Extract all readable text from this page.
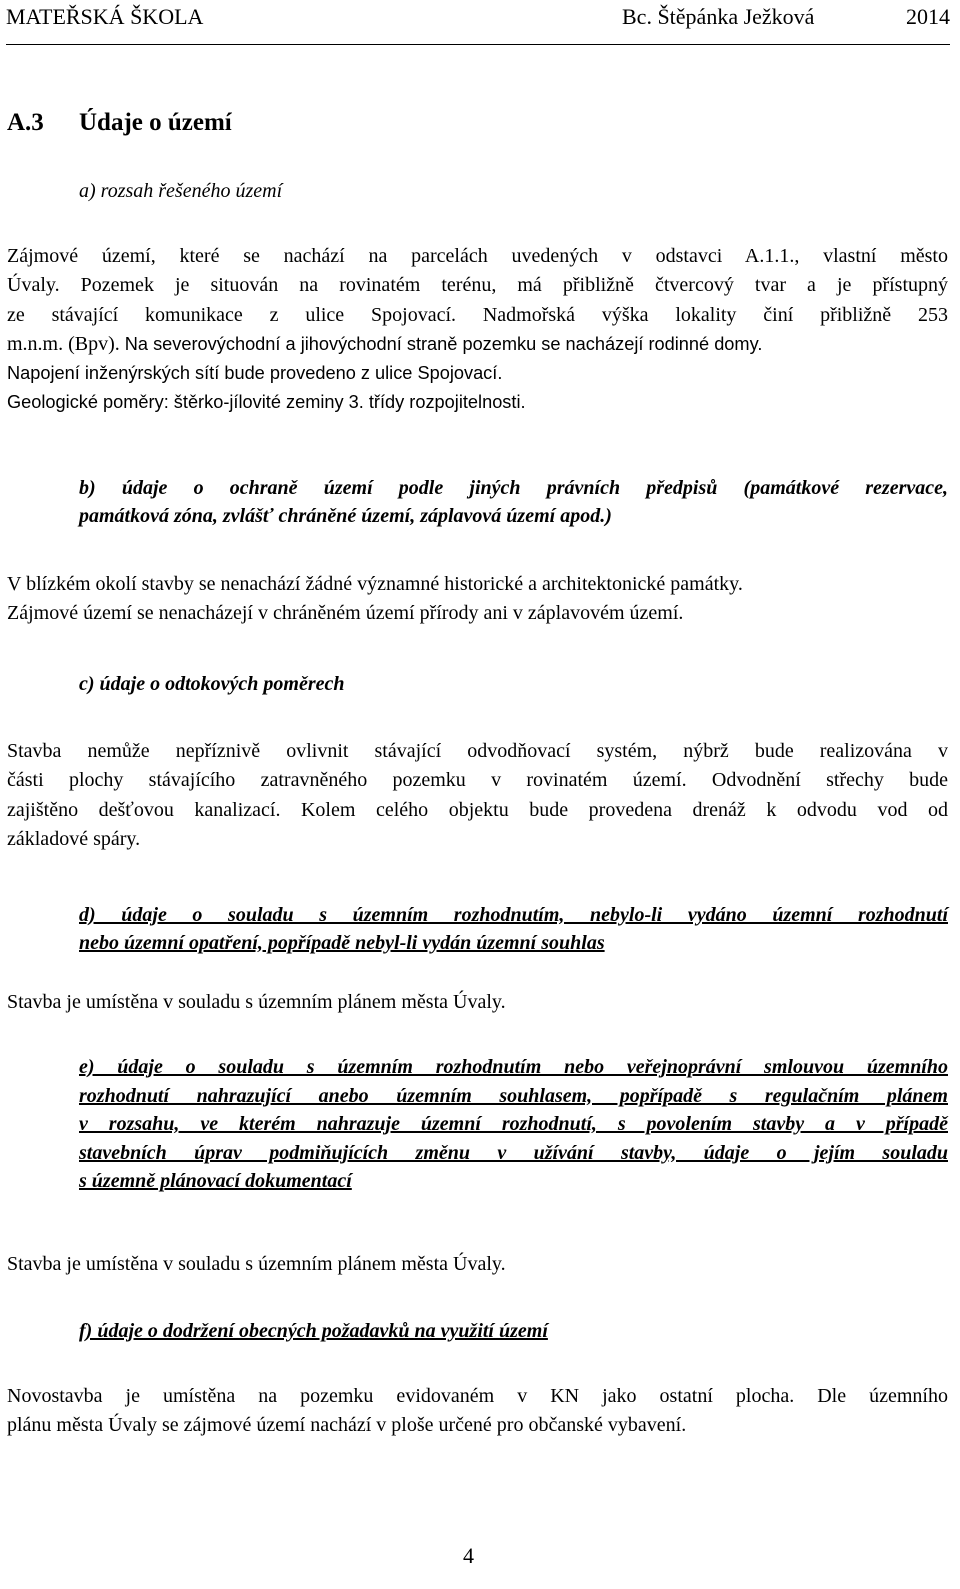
MATEŘSKÁ ŠKOLA	Bc. Štěpánka Ježková	2014
A.3 Údaje o území
a) rozsah řešeného území
Zájmové území, které se nachází na parcelách uvedených v odstavci A.1.1., vlastní město
Úvaly. Pozemek je situován na rovinatém terénu, má přibližně čtvercový tvar a je přístupný
ze stávající komunikace z ulice Spojovací. Nadmořská výška lokality činí přibližně 253
m.n.m. (Bpv). Na severovýchodní a jihovýchodní straně pozemku se nacházejí rodinné domy.
Napojení inženýrských sítí bude provedeno z ulice Spojovací.
Geologické poměry: štěrko-jílovité zeminy 3. třídy rozpojitelnosti.
b) údaje o ochraně území podle jiných právních předpisů (památkové rezervace,
památková zóna, zvlášť chráněné území, záplavová území apod.)
V blízkém okolí stavby se nenachází žádné významné historické a architektonické památky.
Zájmové území se nenacházejí v chráněném území přírody ani v záplavovém území.
c) údaje o odtokových poměrech
Stavba nemůže nepříznivě ovlivnit stávající odvodňovací systém, nýbrž bude realizována v
části plochy stávajícího zatravněného pozemku v rovinatém území. Odvodnění střechy bude
zajištěno dešťovou kanalizací. Kolem celého objektu bude provedena drenáž k odvodu vod od
základové spáry.
d) údaje o souladu s územním rozhodnutím, nebylo-li vydáno územní rozhodnutí
nebo územní opatření, popřípadě nebyl-li vydán územní souhlas
Stavba je umístěna v souladu s územním plánem města Úvaly.
e) údaje o souladu s územním rozhodnutím nebo veřejnoprávní smlouvou územního
rozhodnutí nahrazující anebo územním souhlasem, popřípadě s regulačním plánem
v rozsahu, ve kterém nahrazuje územní rozhodnutí, s povolením stavby a v případě
stavebních úprav podmiňujících změnu v užívání stavby, údaje o jejím souladu
s územně plánovací dokumentací
Stavba je umístěna v souladu s územním plánem města Úvaly.
f) údaje o dodržení obecných požadavků na využití území
Novostavba je umístěna na pozemku evidovaném v KN jako ostatní plocha. Dle územního
plánu města Úvaly se zájmové území nachází v ploše určené pro občanské vybavení.
4
